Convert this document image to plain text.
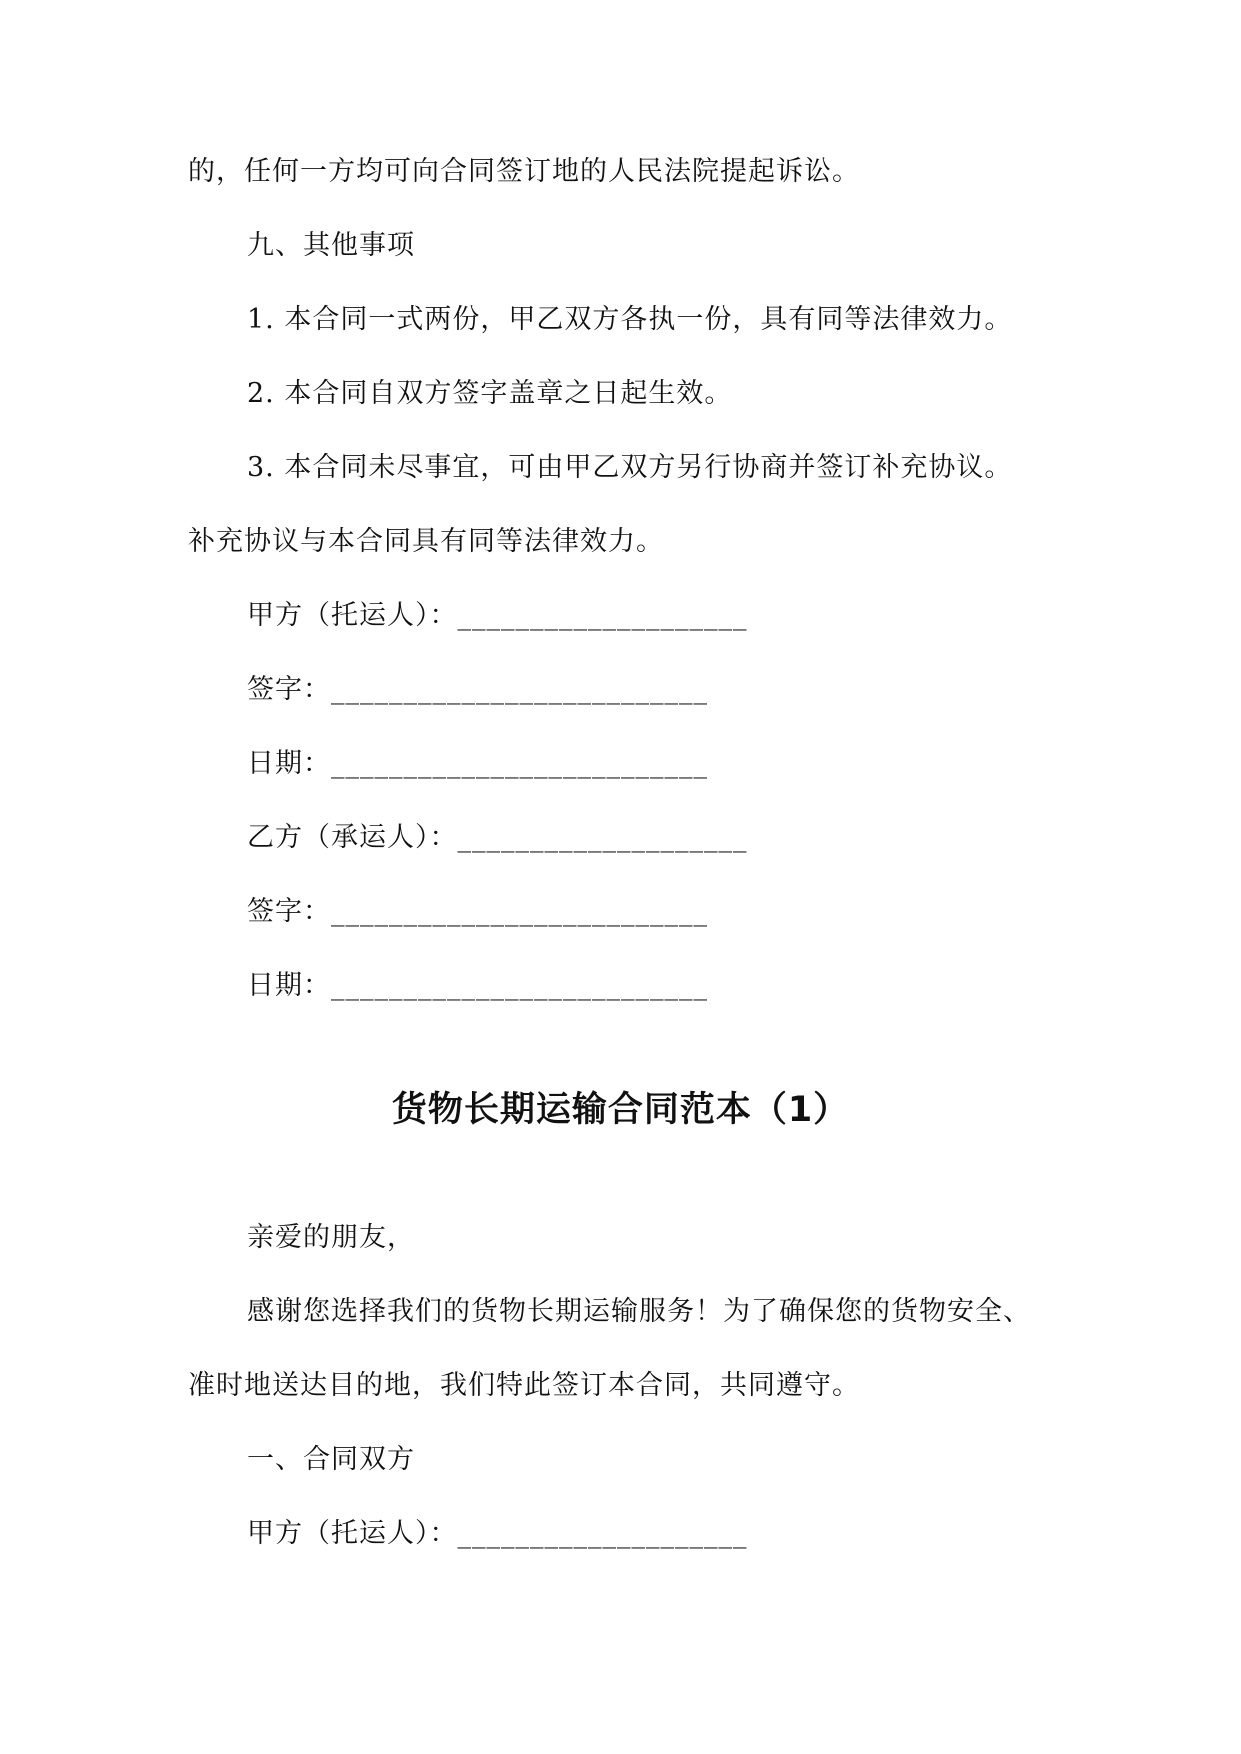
的，任何一方均可向合同签订地的人民法院提起诉讼。
九、其他事项
1. 本合同一式两份，甲乙双方各执一份，具有同等法律效力。
2. 本合同自双方签字盖章之日起生效。
3. 本合同未尽事宜，可由甲乙双方另行协商并签订补充协议。
补充协议与本合同具有同等法律效力。
甲方（托运人）：____________________
签字：__________________________
日期：__________________________
乙方（承运人）：____________________
签字：__________________________
日期：__________________________
货物长期运输合同范本（1）
亲爱的朋友，
感谢您选择我们的货物长期运输服务！为了确保您的货物安全、
准时地送达目的地，我们特此签订本合同，共同遵守。
一、合同双方
甲方（托运人）：____________________
